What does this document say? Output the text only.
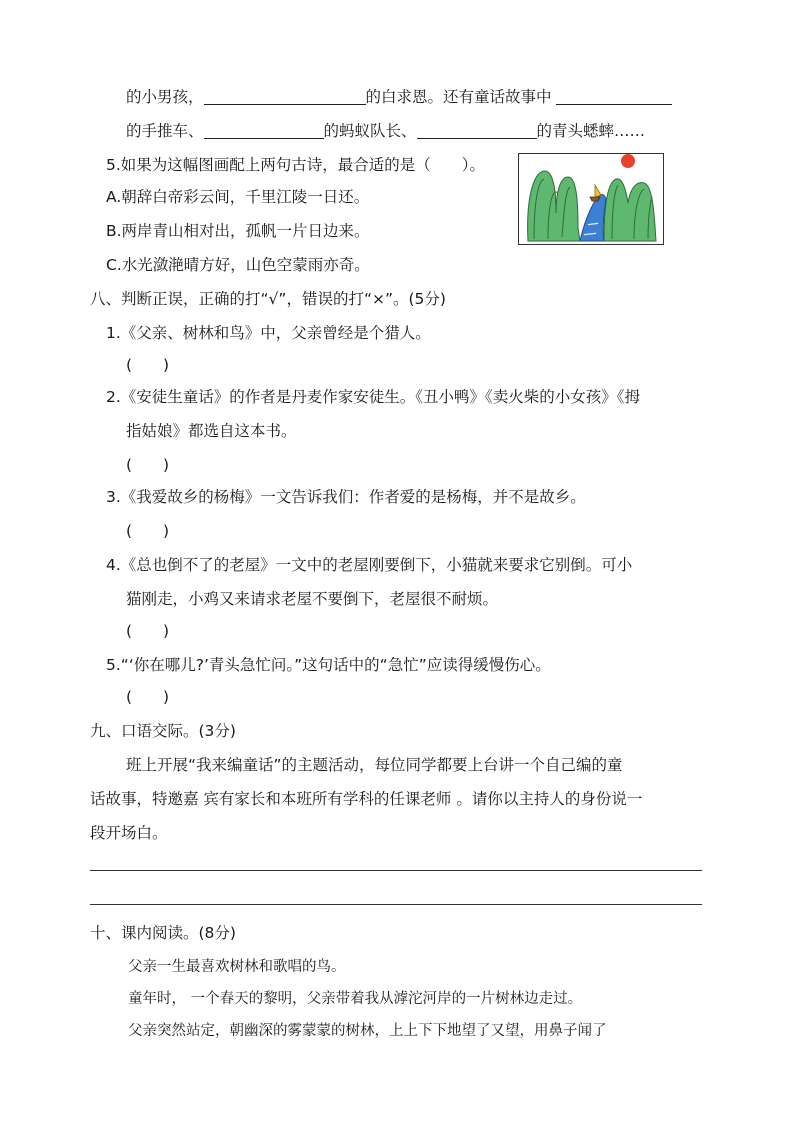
的小男孩，	的白求恩。还有童话故事中
的手推车、	的蚂蚁队长、	的青头蟋蟀……
5.如果为这幅图画配上两句古诗，最合适的是（　　）。
A.朝辞白帝彩云间，千里江陵一日还。
B.两岸青山相对出，孤帆一片日边来。
C.水光潋滟晴方好，山色空蒙雨亦奇。
八、判断正误，正确的打“√”，错误的打“×”。(5分)
1.《父亲、树林和鸟》中，父亲曾经是个猎人。
(　　)
2.《安徒生童话》的作者是丹麦作家安徒生。《丑小鸭》《卖火柴的小女孩》《拇
指姑娘》都选自这本书。
(　　)
3.《我爱故乡的杨梅》一文告诉我们：作者爱的是杨梅，并不是故乡。
(　　)
4.《总也倒不了的老屋》一文中的老屋刚要倒下，小猫就来要求它别倒。可小
猫刚走，小鸡又来请求老屋不要倒下，老屋很不耐烦。
(　　)
5.“‘你在哪儿?’青头急忙问。”这句话中的“急忙”应读得缓慢伤心。
(　　)
九、口语交际。(3分)
班上开展“我来编童话”的主题活动，每位同学都要上台讲一个自己编的童
话故事，特邀嘉 宾有家长和本班所有学科的任课老师 。请你以主持人的身份说一
段开场白。
十、课内阅读。(8分)
父亲一生最喜欢树林和歌唱的鸟。
童年时， 一个春天的黎明，父亲带着我从滹沱河岸的一片树林边走过。
父亲突然站定，朝幽深的雾蒙蒙的树林，上上下下地望了又望，用鼻子闻了
